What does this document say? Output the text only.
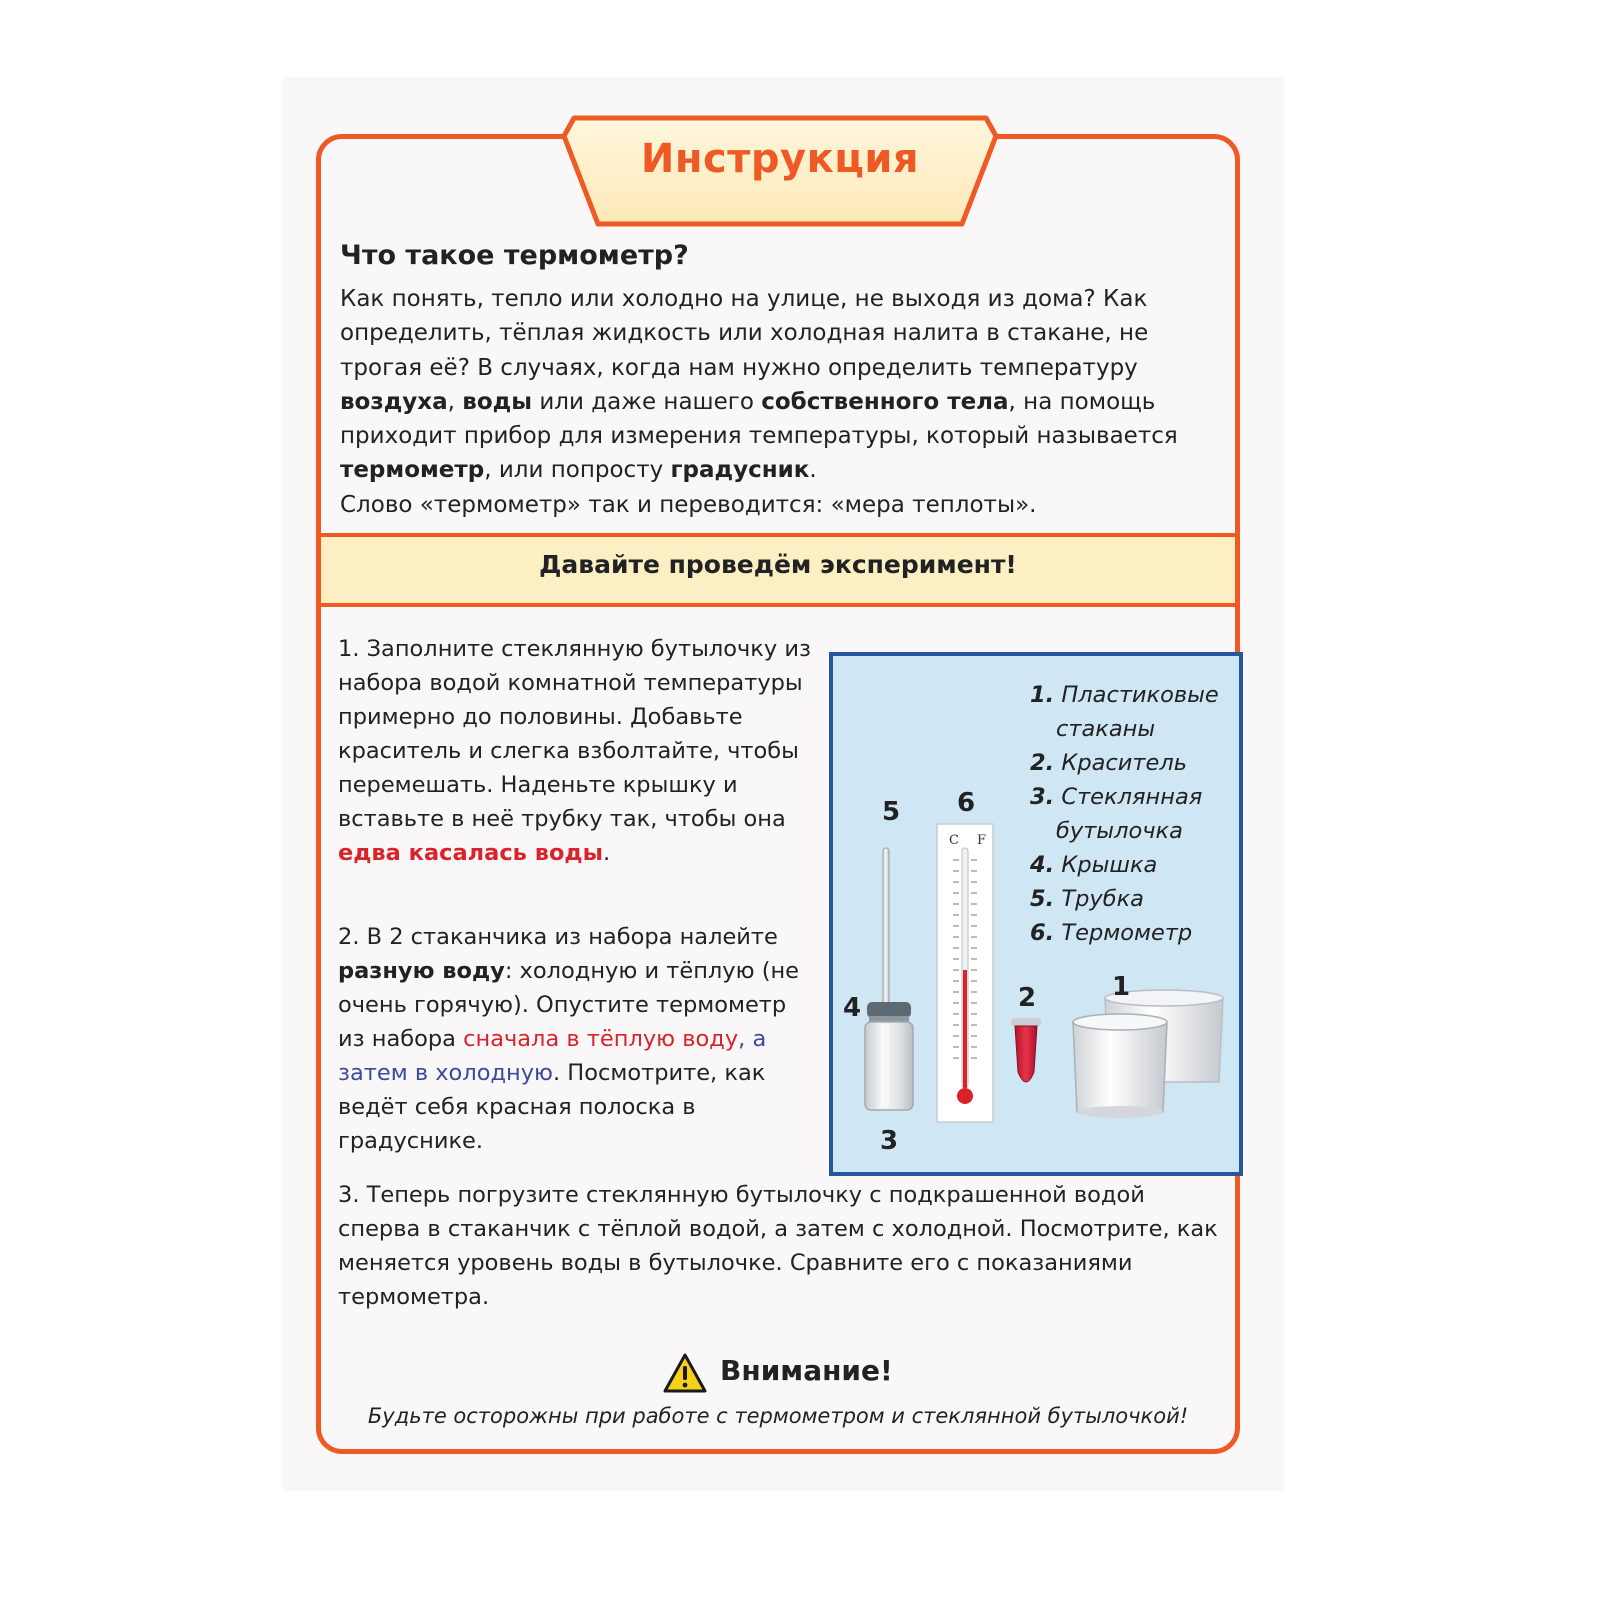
Инструкция
Что такое термометр?
Как понять, тепло или холодно на улице, не выходя из дома? Как определить, тёплая жидкость или холодная налита в стакане, не трогая её? В случаях, когда нам нужно определить температуру воздуха, воды или даже нашего собственного тела, на помощь приходит прибор для измерения температуры, который называется термометр, или попросту градусник.
Слово «термометр» так и переводится: «мера теплоты».
Давайте проведём эксперимент!
1. Заполните стеклянную бутылочку из набора водой комнатной температуры примерно до половины. Добавьте краситель и слегка взболтайте, чтобы перемешать. Наденьте крышку и вставьте в неё трубку так, чтобы она едва касалась воды.
2. В 2 стаканчика из набора налейте разную воду: холодную и тёплую (не очень горячую). Опустите термометр из набора сначала в тёплую воду, а затем в холодную. Посмотрите, как ведёт себя красная полоска в градуснике.
3. Теперь погрузите стеклянную бутылочку с подкрашенной водой сперва в стаканчик с тёплой водой, а затем с холодной. Посмотрите, как меняется уровень воды в бутылочке. Сравните его с показаниями термометра.
C F
1. Пластиковые
стаканы
2. Краситель
3. Стеклянная
бутылочка
4. Крышка
5. Трубка
6. Термометр
1
2
3
4
5 6
Внимание!
Будьте осторожны при работе с термометром и стеклянной бутылочкой!
